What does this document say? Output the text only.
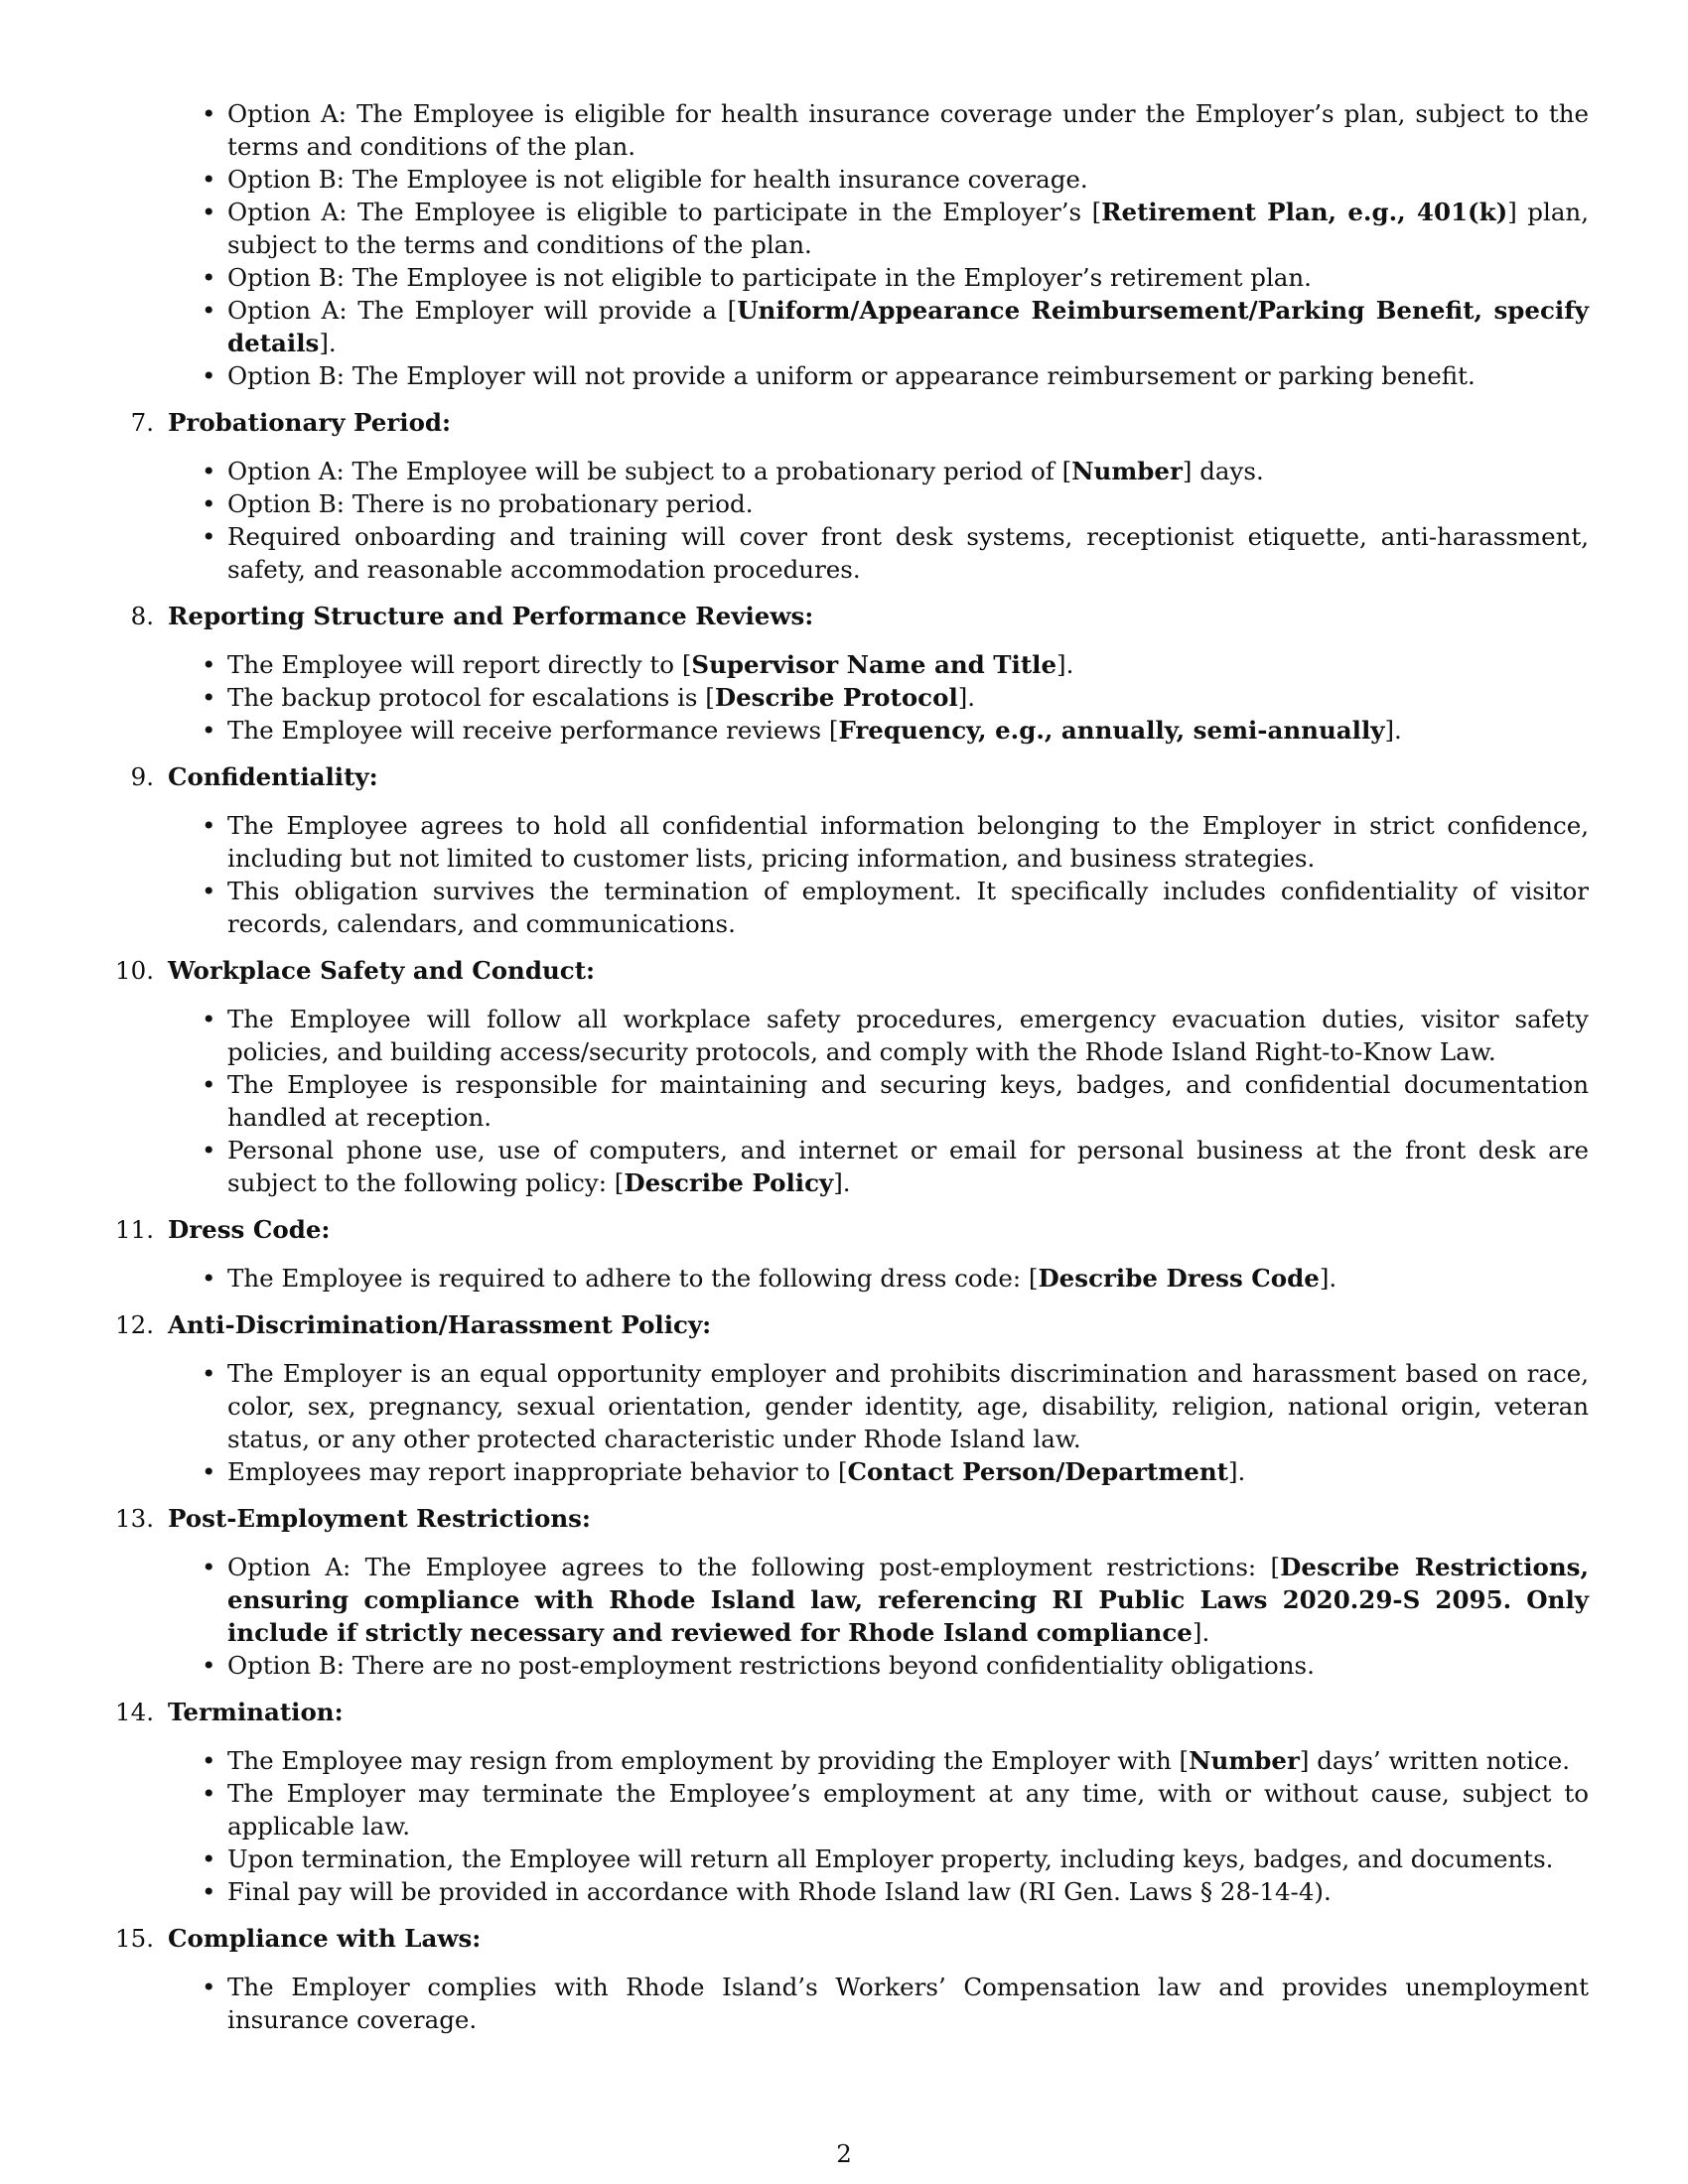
• Option A: The Employee is eligible for health insurance coverage under the Employer’s plan, subject to the terms and conditions of the plan.
• Option B: The Employee is not eligible for health insurance coverage.
• Option A: The Employee is eligible to participate in the Employer’s [Retirement Plan, e.g., 401(k)] plan, subject to the terms and conditions of the plan.
• Option B: The Employee is not eligible to participate in the Employer’s retirement plan.
• Option A: The Employer will provide a [Uniform/Appearance Reimbursement/Parking Benefit, specify details].
• Option B: The Employer will not provide a uniform or appearance reimbursement or parking benefit.
7. Probationary Period:
• Option A: The Employee will be subject to a probationary period of [Number] days.
• Option B: There is no probationary period.
• Required onboarding and training will cover front desk systems, receptionist etiquette, anti-harassment, safety, and reasonable accommodation procedures.
8. Reporting Structure and Performance Reviews:
• The Employee will report directly to [Supervisor Name and Title].
• The backup protocol for escalations is [Describe Protocol].
• The Employee will receive performance reviews [Frequency, e.g., annually, semi-annually].
9. Confidentiality:
• The Employee agrees to hold all confidential information belonging to the Employer in strict confidence, including but not limited to customer lists, pricing information, and business strategies.
• This obligation survives the termination of employment. It specifically includes confidentiality of visitor records, calendars, and communications.
10. Workplace Safety and Conduct:
• The Employee will follow all workplace safety procedures, emergency evacuation duties, visitor safety policies, and building access/security protocols, and comply with the Rhode Island Right-to-Know Law.
• The Employee is responsible for maintaining and securing keys, badges, and confidential documentation handled at reception.
• Personal phone use, use of computers, and internet or email for personal business at the front desk are subject to the following policy: [Describe Policy].
11. Dress Code:
• The Employee is required to adhere to the following dress code: [Describe Dress Code].
12. Anti-Discrimination/Harassment Policy:
• The Employer is an equal opportunity employer and prohibits discrimination and harassment based on race, color, sex, pregnancy, sexual orientation, gender identity, age, disability, religion, national origin, veteran status, or any other protected characteristic under Rhode Island law.
• Employees may report inappropriate behavior to [Contact Person/Department].
13. Post-Employment Restrictions:
• Option A: The Employee agrees to the following post-employment restrictions: [Describe Restrictions, ensuring compliance with Rhode Island law, referencing RI Public Laws 2020.29-S 2095. Only include if strictly necessary and reviewed for Rhode Island compliance].
• Option B: There are no post-employment restrictions beyond confidentiality obligations.
14. Termination:
• The Employee may resign from employment by providing the Employer with [Number] days’ written notice.
• The Employer may terminate the Employee’s employment at any time, with or without cause, subject to applicable law.
• Upon termination, the Employee will return all Employer property, including keys, badges, and documents.
• Final pay will be provided in accordance with Rhode Island law (RI Gen. Laws § 28-14-4).
15. Compliance with Laws:
• The Employer complies with Rhode Island’s Workers’ Compensation law and provides unemployment insurance coverage.
2
